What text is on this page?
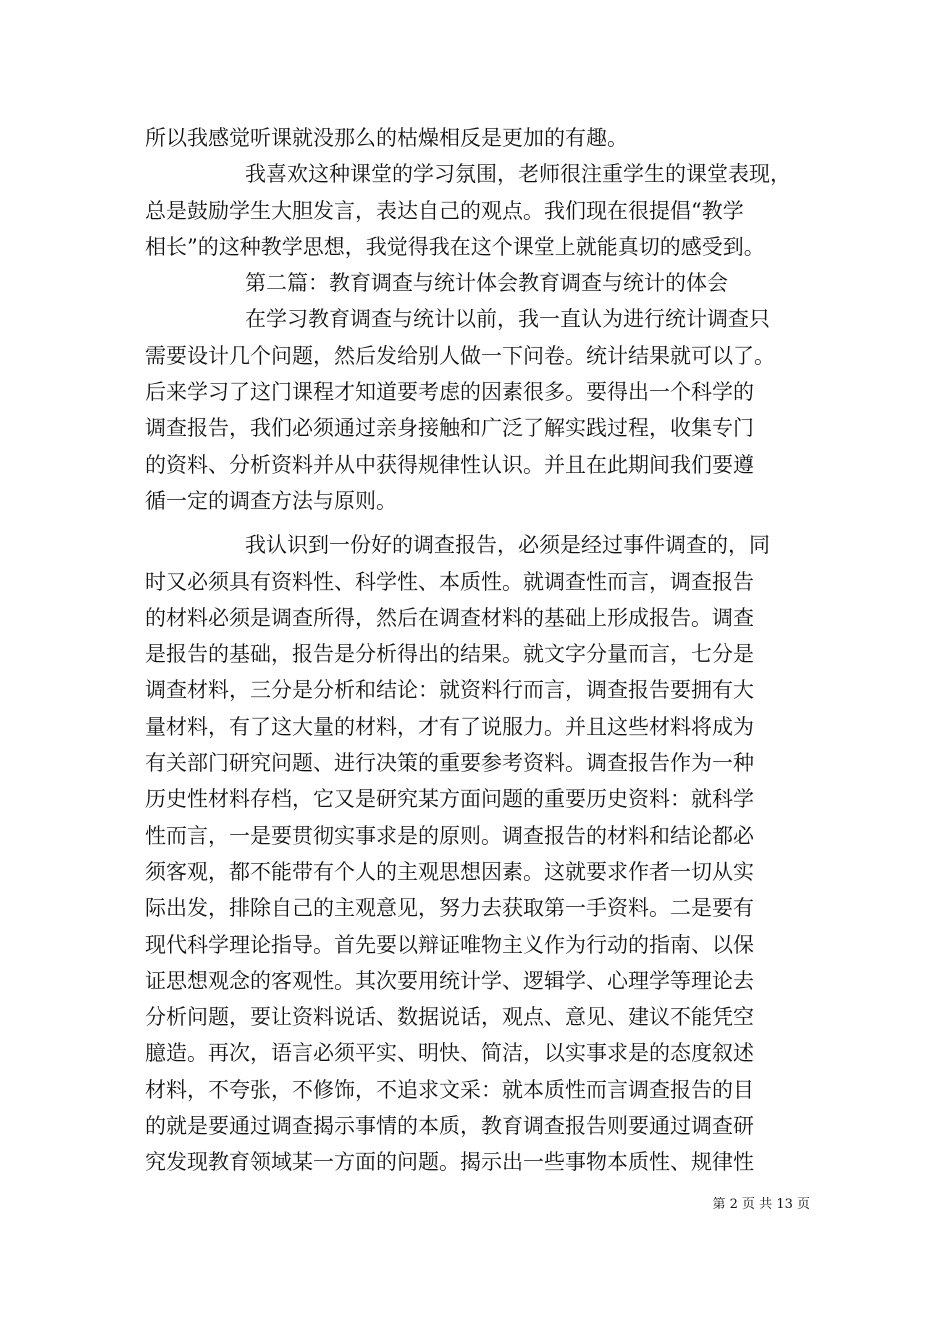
所以我感觉听课就没那么的枯燥相反是更加的有趣。
我喜欢这种课堂的学习氛围，老师很注重学生的课堂表现，
总是鼓励学生大胆发言，表达自己的观点。我们现在很提倡“教学
相长”的这种教学思想，我觉得我在这个课堂上就能真切的感受到。
第二篇：教育调查与统计体会教育调查与统计的体会
在学习教育调查与统计以前，我一直认为进行统计调查只
需要设计几个问题，然后发给别人做一下问卷。统计结果就可以了。
后来学习了这门课程才知道要考虑的因素很多。要得出一个科学的
调查报告，我们必须通过亲身接触和广泛了解实践过程，收集专门
的资料、分析资料并从中获得规律性认识。并且在此期间我们要遵
循一定的调查方法与原则。
我认识到一份好的调查报告，必须是经过事件调查的，同
时又必须具有资料性、科学性、本质性。就调查性而言，调查报告
的材料必须是调查所得，然后在调查材料的基础上形成报告。调查
是报告的基础，报告是分析得出的结果。就文字分量而言，七分是
调查材料，三分是分析和结论：就资料行而言，调查报告要拥有大
量材料，有了这大量的材料，才有了说服力。并且这些材料将成为
有关部门研究问题、进行决策的重要参考资料。调查报告作为一种
历史性材料存档，它又是研究某方面问题的重要历史资料：就科学
性而言，一是要贯彻实事求是的原则。调查报告的材料和结论都必
须客观，都不能带有个人的主观思想因素。这就要求作者一切从实
际出发，排除自己的主观意见，努力去获取第一手资料。二是要有
现代科学理论指导。首先要以辩证唯物主义作为行动的指南、以保
证思想观念的客观性。其次要用统计学、逻辑学、心理学等理论去
分析问题，要让资料说话、数据说话，观点、意见、建议不能凭空
臆造。再次，语言必须平实、明快、简洁，以实事求是的态度叙述
材料，不夸张，不修饰，不追求文采：就本质性而言调查报告的目
的就是要通过调查揭示事情的本质，教育调查报告则要通过调查研
究发现教育领域某一方面的问题。揭示出一些事物本质性、规律性
第 2 页 共 13 页
